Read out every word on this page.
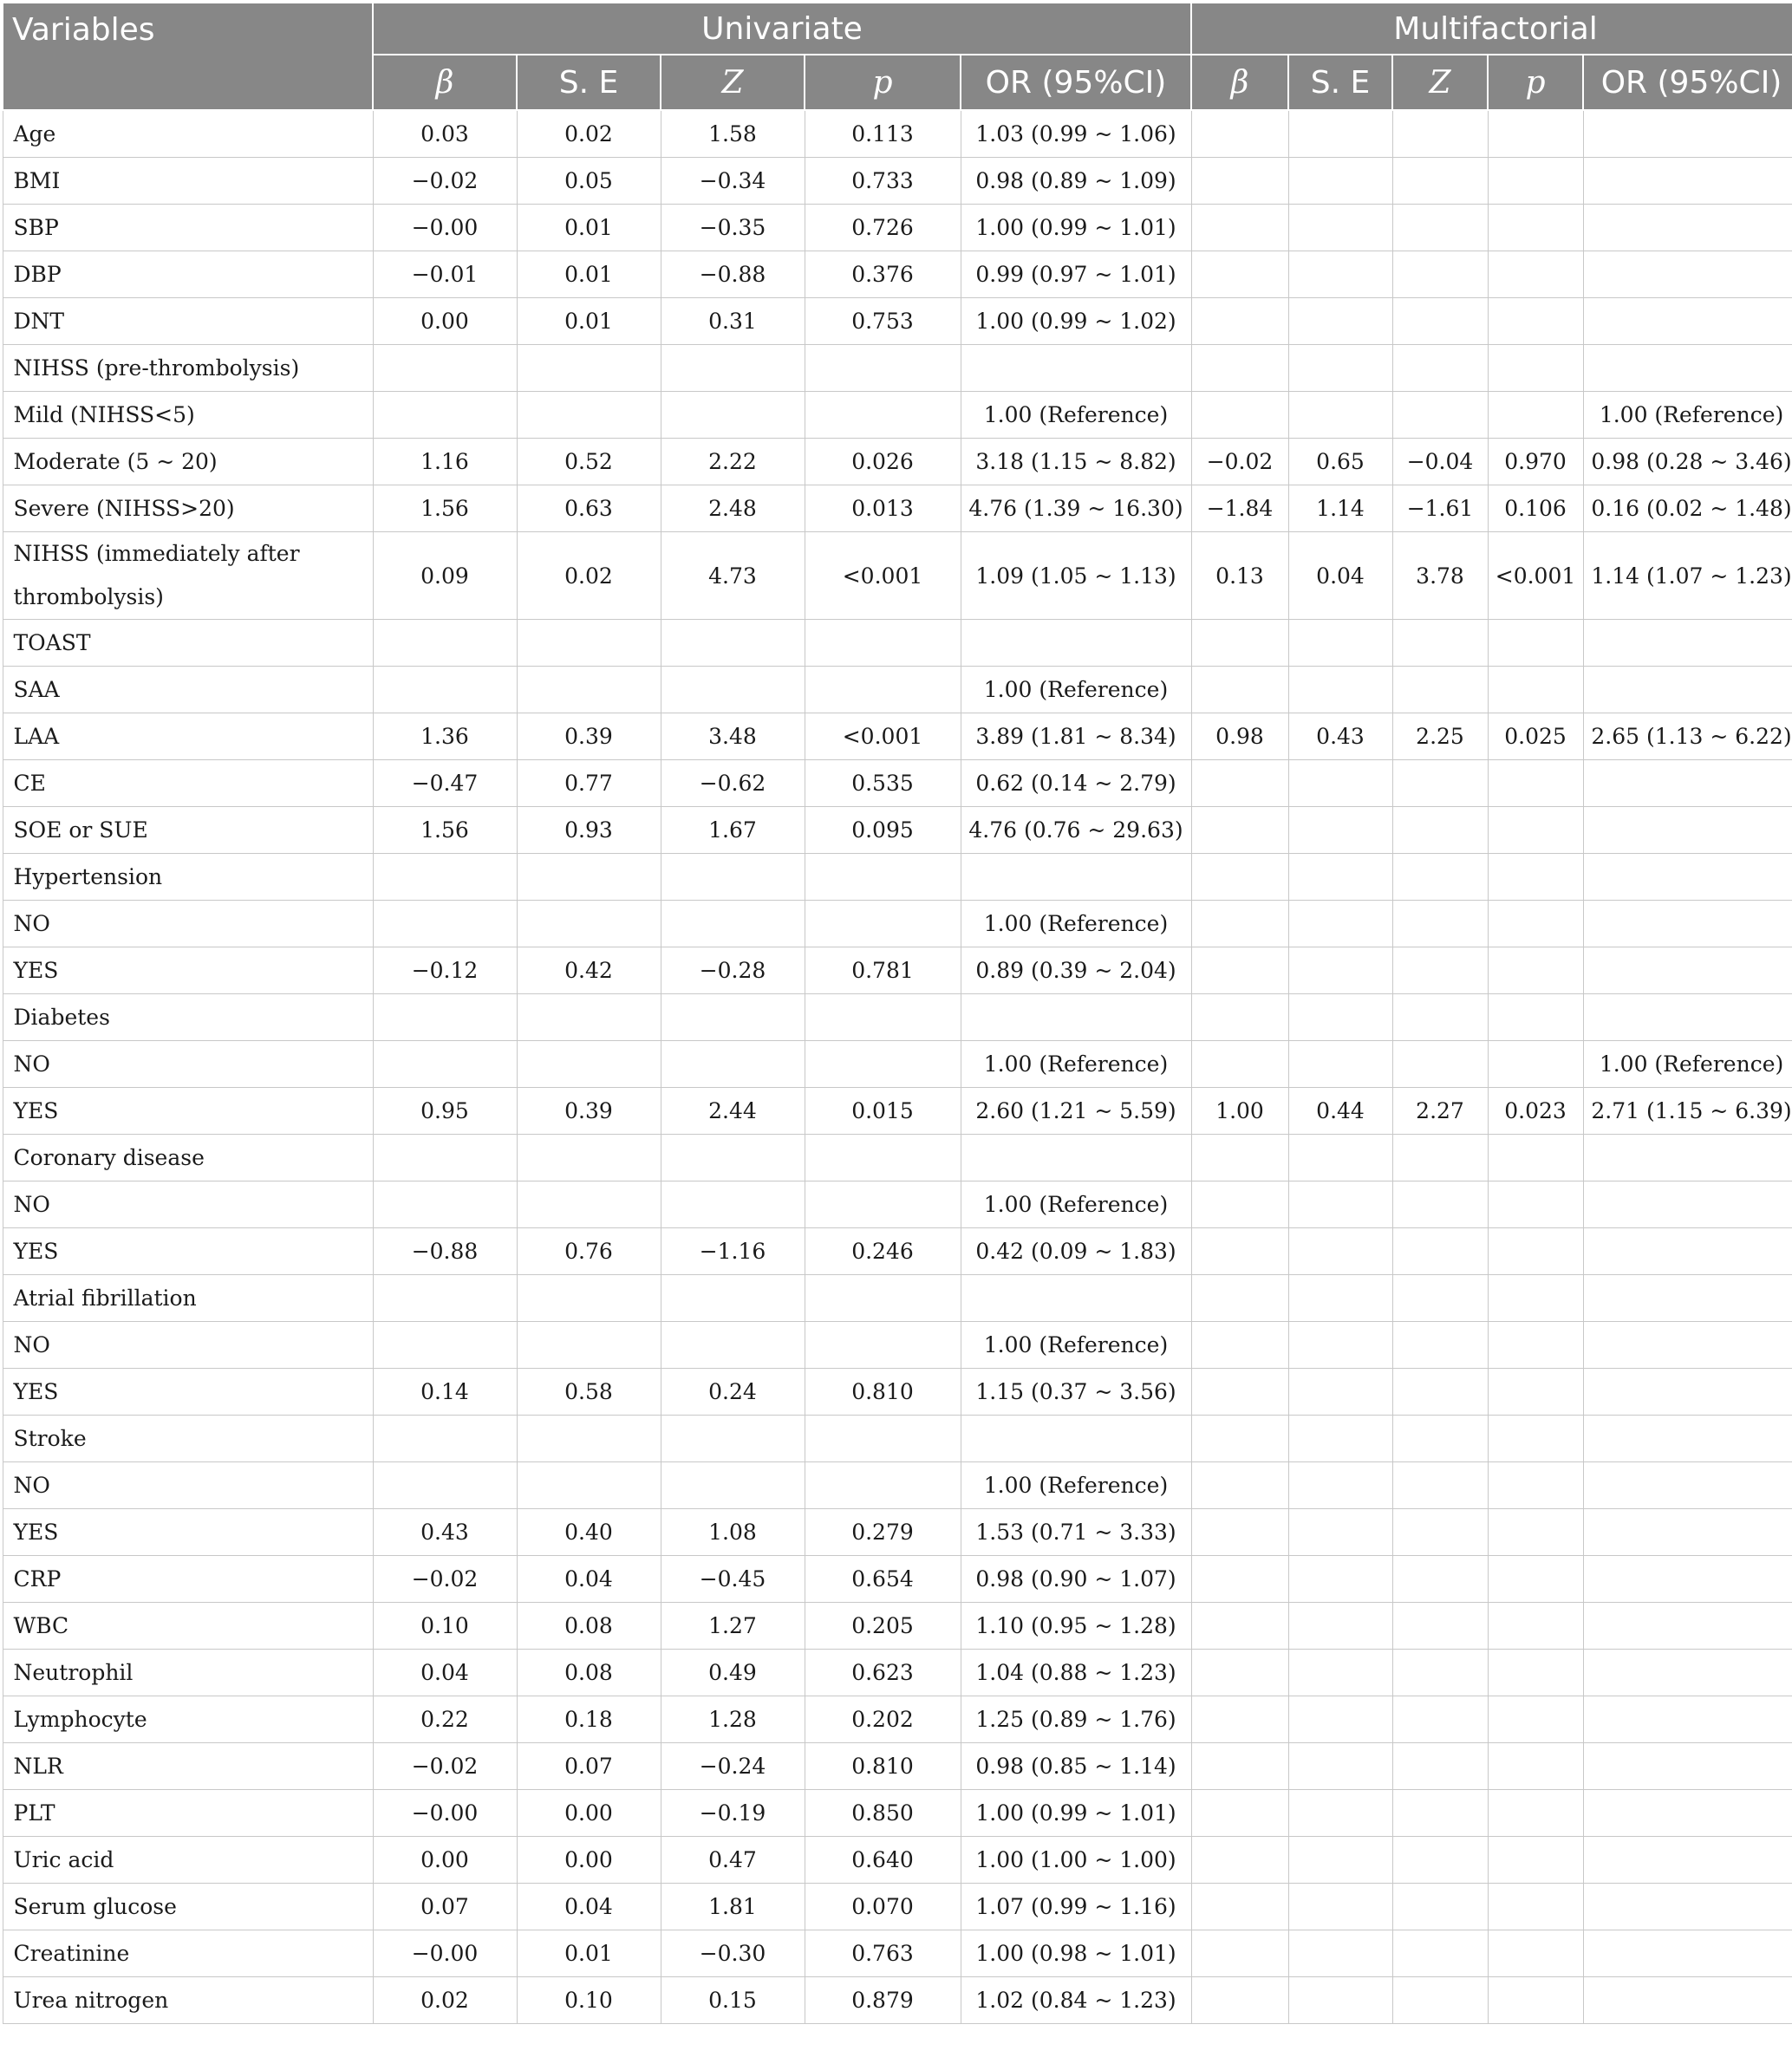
Variables	Univariate					Multifactorial				
	β	S. E	Z	p	OR (95%CI)	β	S. E	Z	p	OR (95%CI)
Age	0.03	0.02	1.58	0.113	1.03 (0.99 ~ 1.06)					
BMI	−0.02	0.05	−0.34	0.733	0.98 (0.89 ~ 1.09)					
SBP	−0.00	0.01	−0.35	0.726	1.00 (0.99 ~ 1.01)					
DBP	−0.01	0.01	−0.88	0.376	0.99 (0.97 ~ 1.01)					
DNT	0.00	0.01	0.31	0.753	1.00 (0.99 ~ 1.02)					
NIHSS (pre-thrombolysis)										
Mild (NIHSS<5)					1.00 (Reference)					1.00 (Reference)
Moderate (5 ~ 20)	1.16	0.52	2.22	0.026	3.18 (1.15 ~ 8.82)	−0.02	0.65	−0.04	0.970	0.98 (0.28 ~ 3.46)
Severe (NIHSS>20)	1.56	0.63	2.48	0.013	4.76 (1.39 ~ 16.30)	−1.84	1.14	−1.61	0.106	0.16 (0.02 ~ 1.48)
NIHSS (immediately after thrombolysis)	0.09	0.02	4.73	<0.001	1.09 (1.05 ~ 1.13)	0.13	0.04	3.78	<0.001	1.14 (1.07 ~ 1.23)
TOAST										
SAA					1.00 (Reference)					
LAA	1.36	0.39	3.48	<0.001	3.89 (1.81 ~ 8.34)	0.98	0.43	2.25	0.025	2.65 (1.13 ~ 6.22)
CE	−0.47	0.77	−0.62	0.535	0.62 (0.14 ~ 2.79)					
SOE or SUE	1.56	0.93	1.67	0.095	4.76 (0.76 ~ 29.63)					
Hypertension										
NO					1.00 (Reference)					
YES	−0.12	0.42	−0.28	0.781	0.89 (0.39 ~ 2.04)					
Diabetes										
NO					1.00 (Reference)					1.00 (Reference)
YES	0.95	0.39	2.44	0.015	2.60 (1.21 ~ 5.59)	1.00	0.44	2.27	0.023	2.71 (1.15 ~ 6.39)
Coronary disease										
NO					1.00 (Reference)					
YES	−0.88	0.76	−1.16	0.246	0.42 (0.09 ~ 1.83)					
Atrial fibrillation										
NO					1.00 (Reference)					
YES	0.14	0.58	0.24	0.810	1.15 (0.37 ~ 3.56)					
Stroke										
NO					1.00 (Reference)					
YES	0.43	0.40	1.08	0.279	1.53 (0.71 ~ 3.33)					
CRP	−0.02	0.04	−0.45	0.654	0.98 (0.90 ~ 1.07)					
WBC	0.10	0.08	1.27	0.205	1.10 (0.95 ~ 1.28)					
Neutrophil	0.04	0.08	0.49	0.623	1.04 (0.88 ~ 1.23)					
Lymphocyte	0.22	0.18	1.28	0.202	1.25 (0.89 ~ 1.76)					
NLR	−0.02	0.07	−0.24	0.810	0.98 (0.85 ~ 1.14)					
PLT	−0.00	0.00	−0.19	0.850	1.00 (0.99 ~ 1.01)					
Uric acid	0.00	0.00	0.47	0.640	1.00 (1.00 ~ 1.00)					
Serum glucose	0.07	0.04	1.81	0.070	1.07 (0.99 ~ 1.16)					
Creatinine	−0.00	0.01	−0.30	0.763	1.00 (0.98 ~ 1.01)					
Urea nitrogen	0.02	0.10	0.15	0.879	1.02 (0.84 ~ 1.23)					
